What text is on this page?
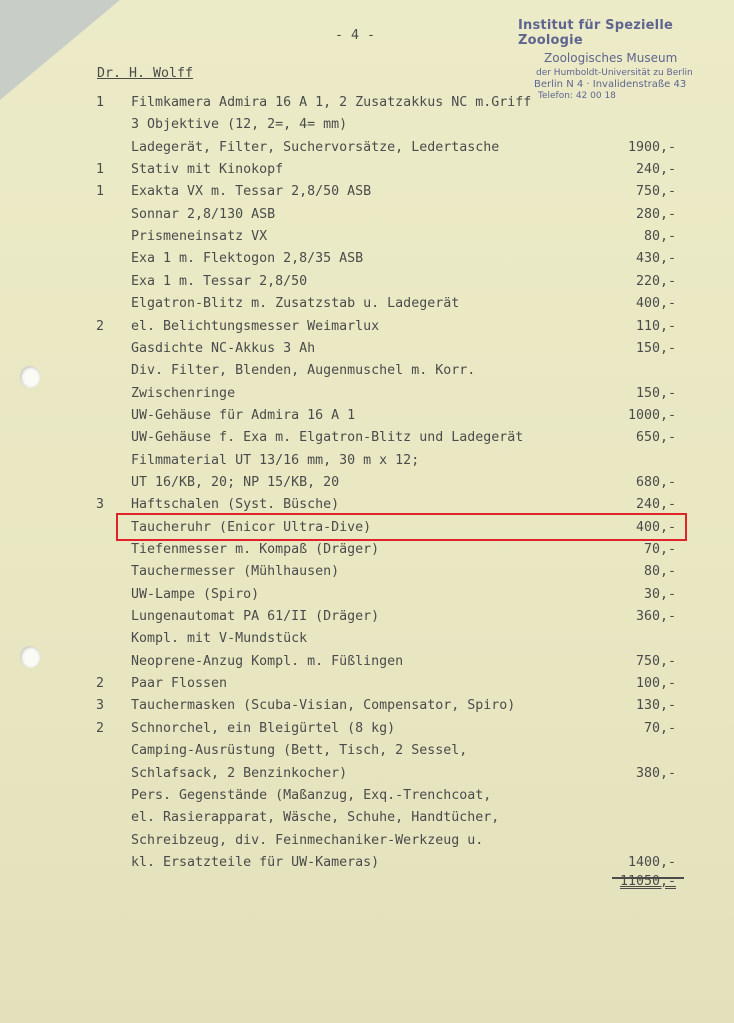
Institut für Spezielle Zoologie
Zoologisches Museum
der Humboldt-Universität zu Berlin
Berlin N 4 · Invalidenstraße 43
Telefon: 42 00 18
- 4 -
Dr. H. Wolff
1 Filmkamera Admira 16 A 1, 2 Zusatzakkus NC m.Griff
3 Objektive (12, 2=, 4= mm)
Ladegerät, Filter, Suchervorsätze, Ledertasche	1900,-
1 Stativ mit Kinokopf	240,-
1 Exakta VX m. Tessar 2,8/50 ASB	750,-
Sonnar 2,8/130 ASB	280,-
Prismeneinsatz VX	80,-
Exa 1 m. Flektogon 2,8/35 ASB	430,-
Exa 1 m. Tessar 2,8/50	220,-
Elgatron-Blitz m. Zusatzstab u. Ladegerät	400,-
2 el. Belichtungsmesser Weimarlux	110,-
Gasdichte NC-Akkus 3 Ah	150,-
Div. Filter, Blenden, Augenmuschel m. Korr.
Zwischenringe	150,-
UW-Gehäuse für Admira 16 A 1	1000,-
UW-Gehäuse f. Exa m. Elgatron-Blitz und Ladegerät	650,-
Filmmaterial UT 13/16 mm, 30 m x 12;
UT 16/KB, 20; NP 15/KB, 20	680,-
3 Haftschalen (Syst. Büsche)	240,-
Taucheruhr (Enicor Ultra-Dive)	400,-
Tiefenmesser m. Kompaß (Dräger)	70,-
Tauchermesser (Mühlhausen)	80,-
UW-Lampe (Spiro)	30,-
Lungenautomat PA 61/II (Dräger)	360,-
Kompl. mit V-Mundstück
Neoprene-Anzug Kompl. m. Füßlingen	750,-
2 Paar Flossen	100,-
3 Tauchermasken (Scuba-Visian, Compensator, Spiro)	130,-
2 Schnorchel, ein Bleigürtel (8 kg)	70,-
Camping-Ausrüstung (Bett, Tisch, 2 Sessel,
Schlafsack, 2 Benzinkocher)	380,-
Pers. Gegenstände (Maßanzug, Exq.-Trenchcoat,
el. Rasierapparat, Wäsche, Schuhe, Handtücher,
Schreibzeug, div. Feinmechaniker-Werkzeug u.
kl. Ersatzteile für UW-Kameras)	1400,-
11050,-
